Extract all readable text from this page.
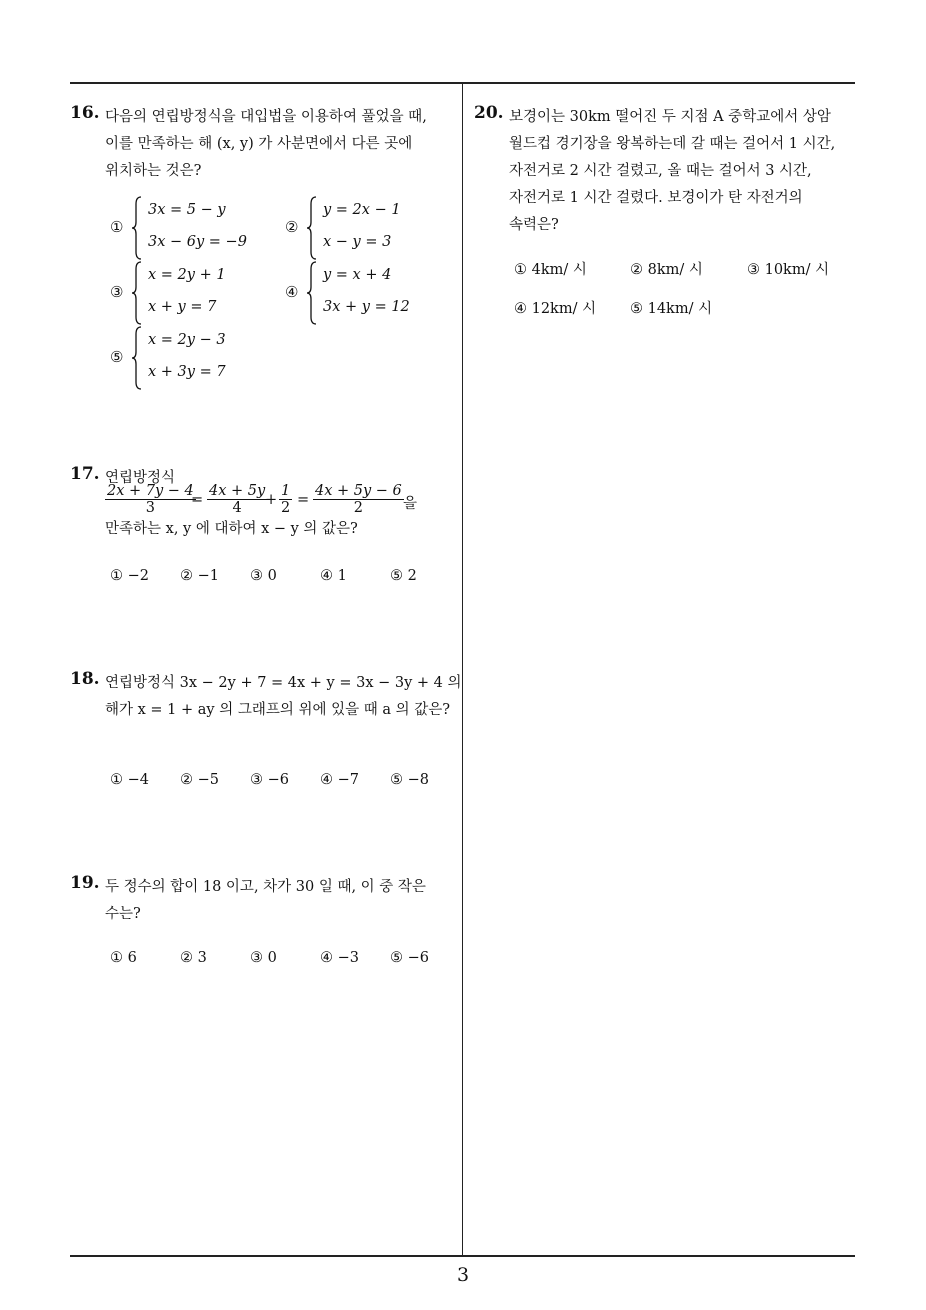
16. 다음의 연립방정식을 대입법을 이용하여 풀었을 때,
이를 만족하는 해 (x, y) 가 사분면에서 다른 곳에
위치하는 것은?
①
3x = 5 − y
3x − 6y = −9
②
y = 2x − 1
x − y = 3
③
x = 2y + 1
x + y = 7
④
y = x + 4
3x + y = 12
⑤
x = 2y − 3
x + 3y = 7
17. 연립방정식
$\frac{2x + 7y - 4}{3}$
= $\frac{4x + 5y}{4}$
+ $\frac{1}{2} = \frac{4x + 5y - 6}{2}$ 을
만족하는 x, y 에 대하여 x − y 의 값은?
① −2 ② −1 ③ 0	④ 1	⑤ 2
18. 연립방정식 3x − 2y + 7 = 4x + y = 3x − 3y + 4 의
해가 x = 1 + ay 의 그래프의 위에 있을 때 a 의 값은?
① −4 ② −5 ③ −6 ④ −7 ⑤ −8
19. 두 정수의 합이 18 이고, 차가 30 일 때, 이 중 작은
수는?
① 6	② 3	③ 0	④ −3 ⑤ −6
20. 보경이는 30km 떨어진 두 지점 A 중학교에서 상암
월드컵 경기장을 왕복하는데 갈 때는 걸어서 1 시간,
자전거로 2 시간 걸렸고, 올 때는 걸어서 3 시간,
자전거로 1 시간 걸렸다. 보경이가 탄 자전거의
속력은?
① 4km/ 시	② 8km/ 시	③ 10km/ 시
④ 12km/ 시 ⑤ 14km/ 시
3
